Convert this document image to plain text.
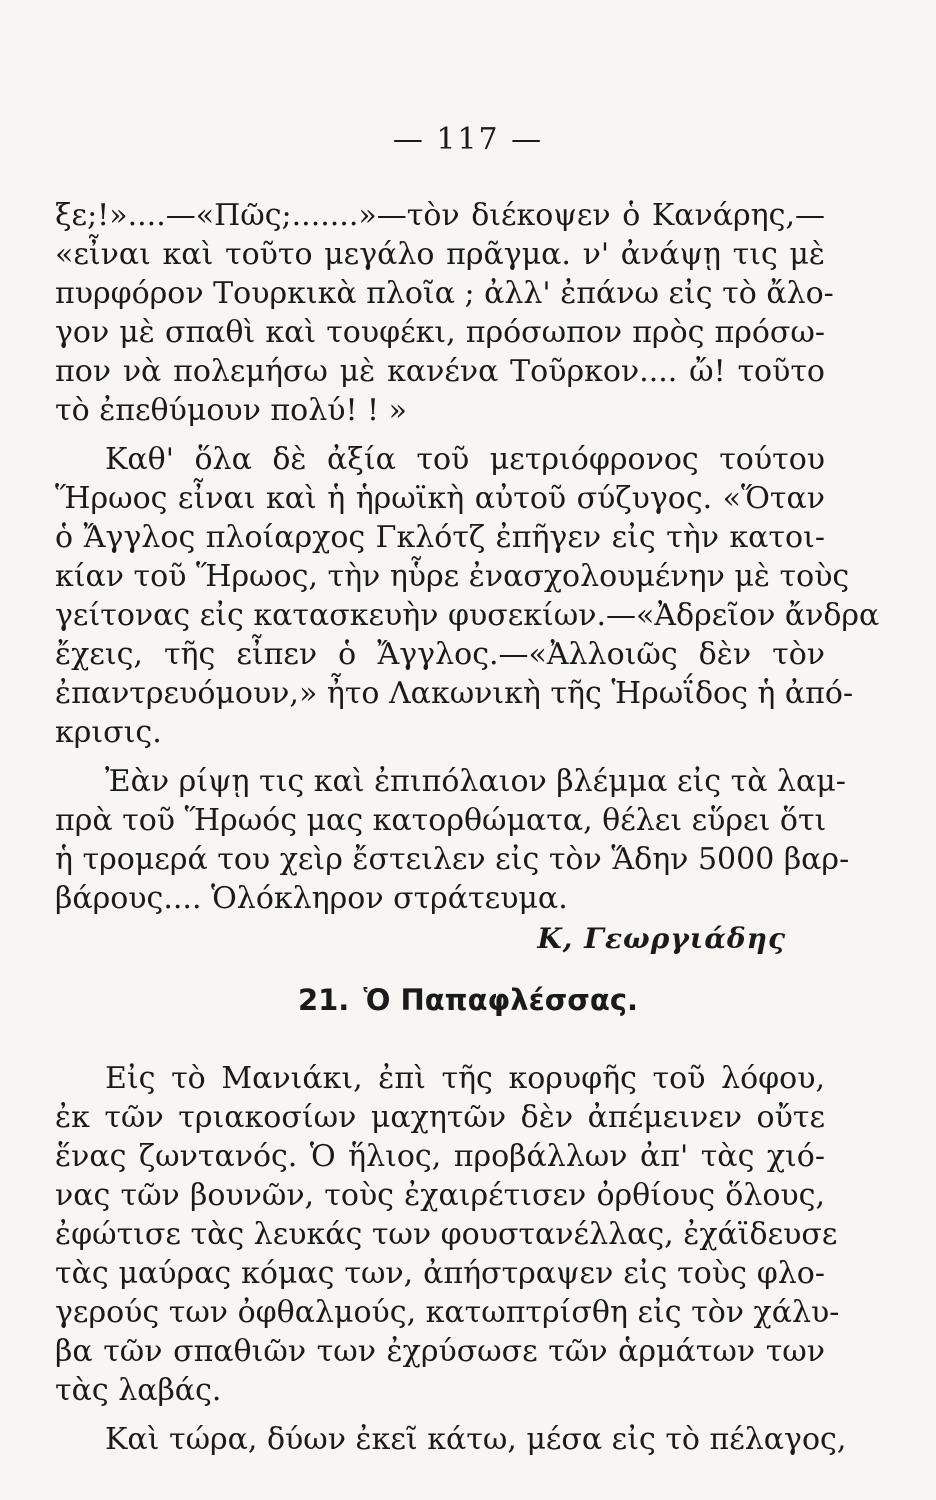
— 117 —
ξε;!»....—«Πῶς;.......»—τὸν διέκοψεν ὁ Κανάρης,—
«εἶναι καὶ τοῦτο μεγάλο πρᾶγμα. ν' ἀνάψῃ τις μὲ
πυρφόρον Τουρκικὰ πλοῖα ; ἀλλ' ἐπάνω εἰς τὸ ἄλο-
γον μὲ σπαθὶ καὶ τουφέκι, πρόσωπον πρὸς πρόσω-
πον νὰ πολεμήσω μὲ κανένα Τοῦρκον.... ὤ! τοῦτο
τὸ ἐπεθύμουν πολύ! ! »
Καθ' ὅλα δὲ ἀξία τοῦ μετριόφρονος τούτου
Ἥρωος εἶναι καὶ ἡ ἡρωϊκὴ αὐτοῦ σύζυγος. «Ὅταν
ὁ Ἄγγλος πλοίαρχος Γκλότζ ἐπῆγεν εἰς τὴν κατοι-
κίαν τοῦ Ἥρωος, τὴν ηὗρε ἐνασχολουμένην μὲ τοὺς
γείτονας εἰς κατασκευὴν φυσεκίων.—«Ἀδρεῖον ἄνδρα
ἔχεις, τῆς εἶπεν ὁ Ἄγγλος.—«Ἀλλοιῶς δὲν τὸν
ἐπαντρευόμουν,» ἦτο Λακωνικὴ τῆς Ἡρωΐδος ἡ ἀπό-
κρισις.
Ἐὰν ρίψῃ τις καὶ ἐπιπόλαιον βλέμμα εἰς τὰ λαμ-
πρὰ τοῦ Ἥρωός μας κατορθώματα, θέλει εὕρει ὅτι
ἡ τρομερά του χεὶρ ἔστειλεν εἰς τὸν Ἅδην 5000 βαρ-
βάρους.... Ὁλόκληρον στράτευμα.
Κ, Γεωργιάδης
21. Ὁ Παπαφλέσσας.
Εἰς τὸ Μανιάκι, ἐπὶ τῆς κορυφῆς τοῦ λόφου,
ἐκ τῶν τριακοσίων μαχητῶν δὲν ἀπέμεινεν οὔτε
ἕνας ζωντανός. Ὁ ἥλιος, προβάλλων ἀπ' τὰς χιό-
νας τῶν βουνῶν, τοὺς ἐχαιρέτισεν ὀρθίους ὅλους,
ἐφώτισε τὰς λευκάς των φουστανέλλας, ἐχάϊδευσε
τὰς μαύρας κόμας των, ἀπήστραψεν εἰς τοὺς φλο-
γερούς των ὀφθαλμούς, κατωπτρίσθη εἰς τὸν χάλυ-
βα τῶν σπαθιῶν των ἐχρύσωσε τῶν ἁρμάτων των
τὰς λαβάς.
Καὶ τώρα, δύων ἐκεῖ κάτω, μέσα εἰς τὸ πέλαγος,
